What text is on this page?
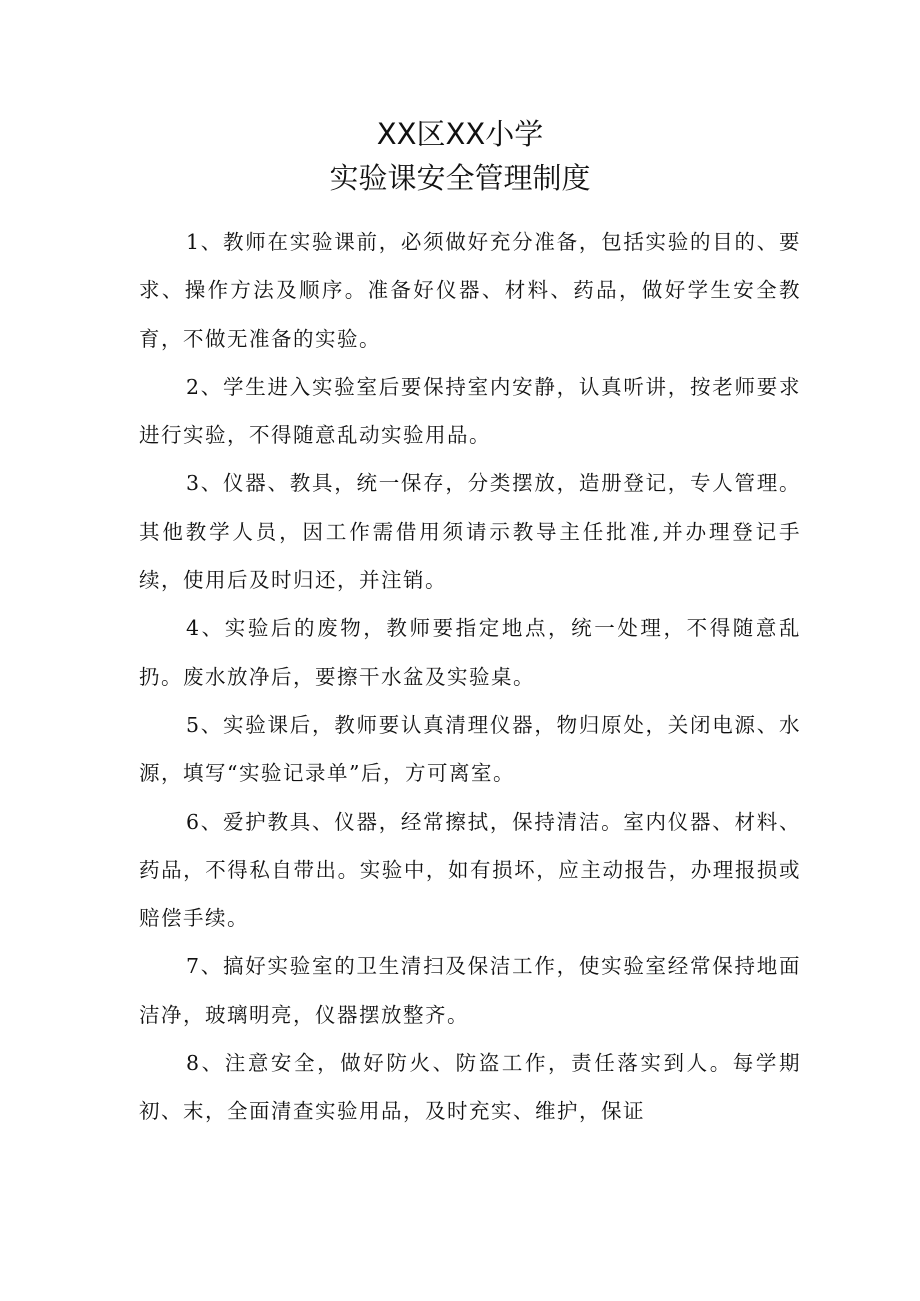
XX区XX小学
实验课安全管理制度

1、教师在实验课前，必须做好充分准备，包括实验的目的、要求、操作方法及顺序。准备好仪器、材料、药品，做好学生安全教育，不做无准备的实验。

2、学生进入实验室后要保持室内安静，认真听讲，按老师要求进行实验，不得随意乱动实验用品。

3、仪器、教具，统一保存，分类摆放，造册登记，专人管理。其他教学人员，因工作需借用须请示教导主任批准,并办理登记手续，使用后及时归还，并注销。

4、实验后的废物，教师要指定地点，统一处理，不得随意乱扔。废水放净后，要擦干水盆及实验桌。

5、实验课后，教师要认真清理仪器，物归原处，关闭电源、水源，填写“实验记录单”后，方可离室。

6、爱护教具、仪器，经常擦拭，保持清洁。室内仪器、材料、药品，不得私自带出。实验中，如有损坏，应主动报告，办理报损或赔偿手续。

7、搞好实验室的卫生清扫及保洁工作，使实验室经常保持地面洁净，玻璃明亮，仪器摆放整齐。

8、注意安全，做好防火、防盗工作，责任落实到人。每学期初、末，全面清查实验用品，及时充实、维护，保证
